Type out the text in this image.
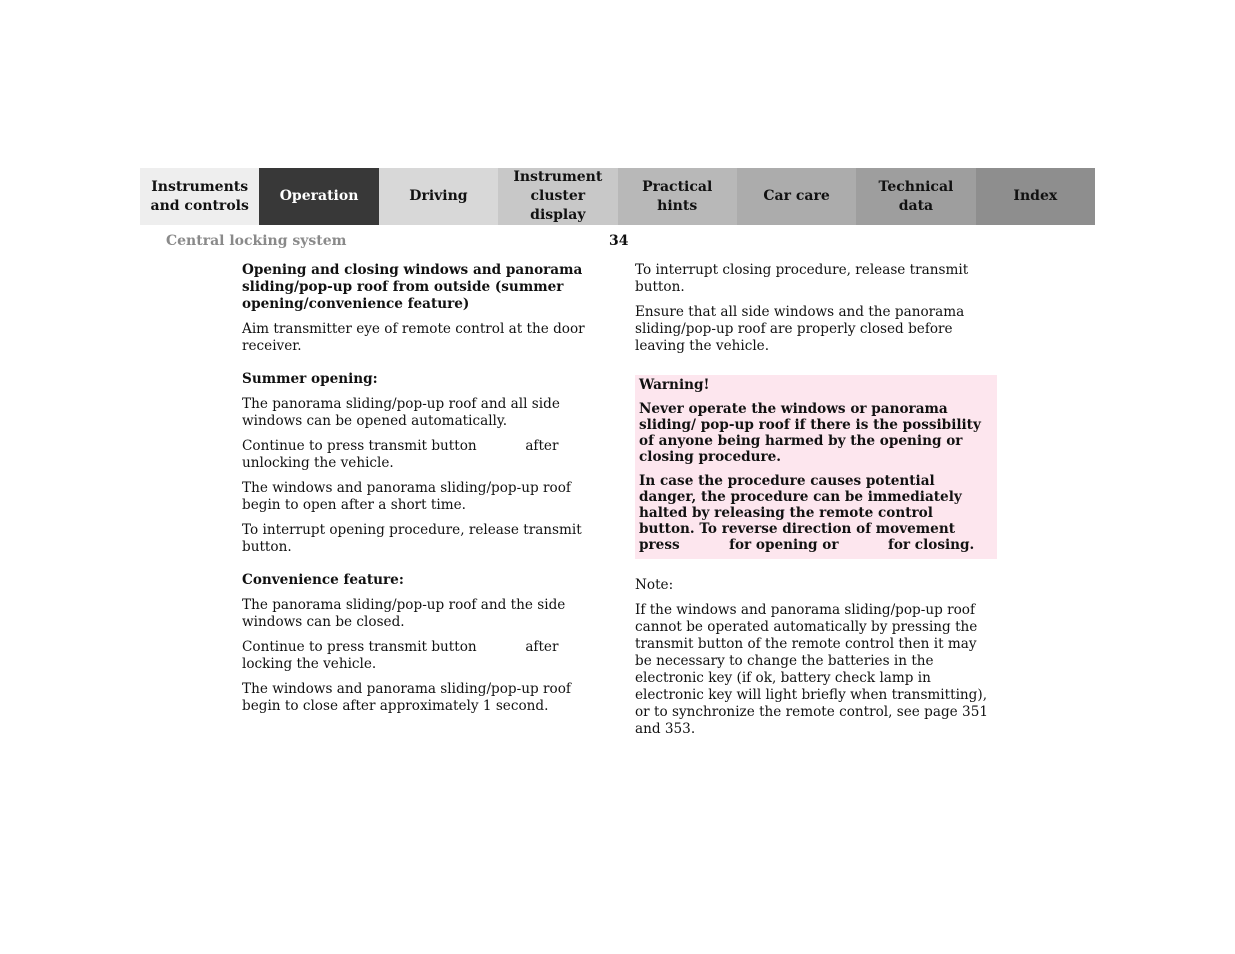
Instruments
and controls
Operation	Driving
Instrument
cluster display
Practical hints
Car care
Technical
data
Index
Central locking system	34

Opening and closing windows and panorama sliding/pop-up roof from outside (summer opening/convenience feature)

Aim transmitter eye of remote control at the door receiver.

Summer opening:

The panorama sliding/pop-up roof and all side windows can be opened automatically.

Continue to press transmit button	after unlocking the vehicle.

The windows and panorama sliding/pop-up roof begin to open after a short time.

To interrupt opening procedure, release transmit button.

Convenience feature:

The panorama sliding/pop-up roof and the side windows can be closed.

Continue to press transmit button	after locking the vehicle.

The windows and panorama sliding/pop-up roof begin to close after approximately 1 second.

To interrupt closing procedure, release transmit button.

Ensure that all side windows and the panorama sliding/pop-up roof are properly closed before leaving the vehicle.

Warning!

Never operate the windows or panorama sliding/ pop-up roof if there is the possibility of anyone being harmed by the opening or closing procedure.

In case the procedure causes potential danger, the procedure can be immediately halted by releasing the remote control button. To reverse direction of movement press	for opening or	for closing.

Note:

If the windows and panorama sliding/pop-up roof cannot be operated automatically by pressing the transmit button of the remote control then it may be necessary to change the batteries in the electronic key (if ok, battery check lamp in electronic key will light briefly when transmitting), or to synchronize the remote control, see page 351 and 353.
